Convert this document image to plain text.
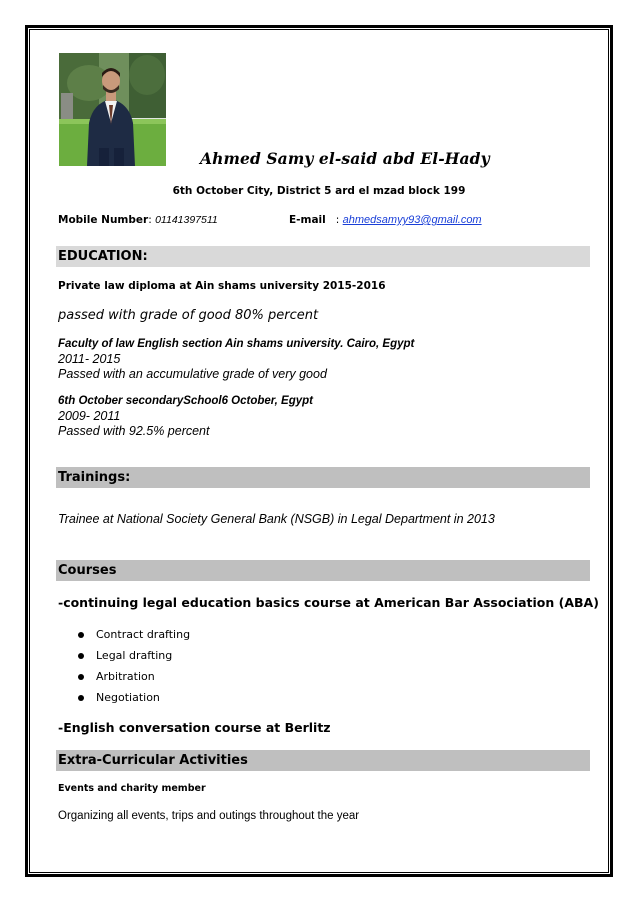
Ahmed Samy el-said abd El-Hady
6th October City, District 5 ard el mzad block 199
Mobile Number: 01141397511	E-mail   : ahmedsamyy93@gmail.com
EDUCATION:
Private law diploma at Ain shams university 2015-2016
passed with grade of good 80% percent
Faculty of law English section Ain shams university. Cairo, Egypt
2011- 2015
Passed with an accumulative grade of very good
6th October secondarySchool6 October, Egypt
2009- 2011
Passed with 92.5% percent
Trainings:
Trainee at National Society General Bank (NSGB) in Legal Department in 2013
Courses
-continuing legal education basics course at American Bar Association (ABA)
Contract drafting
Legal drafting
Arbitration
Negotiation
-English conversation course at Berlitz
Extra-Curricular Activities
Events and charity member
Organizing all events, trips and outings throughout the year
